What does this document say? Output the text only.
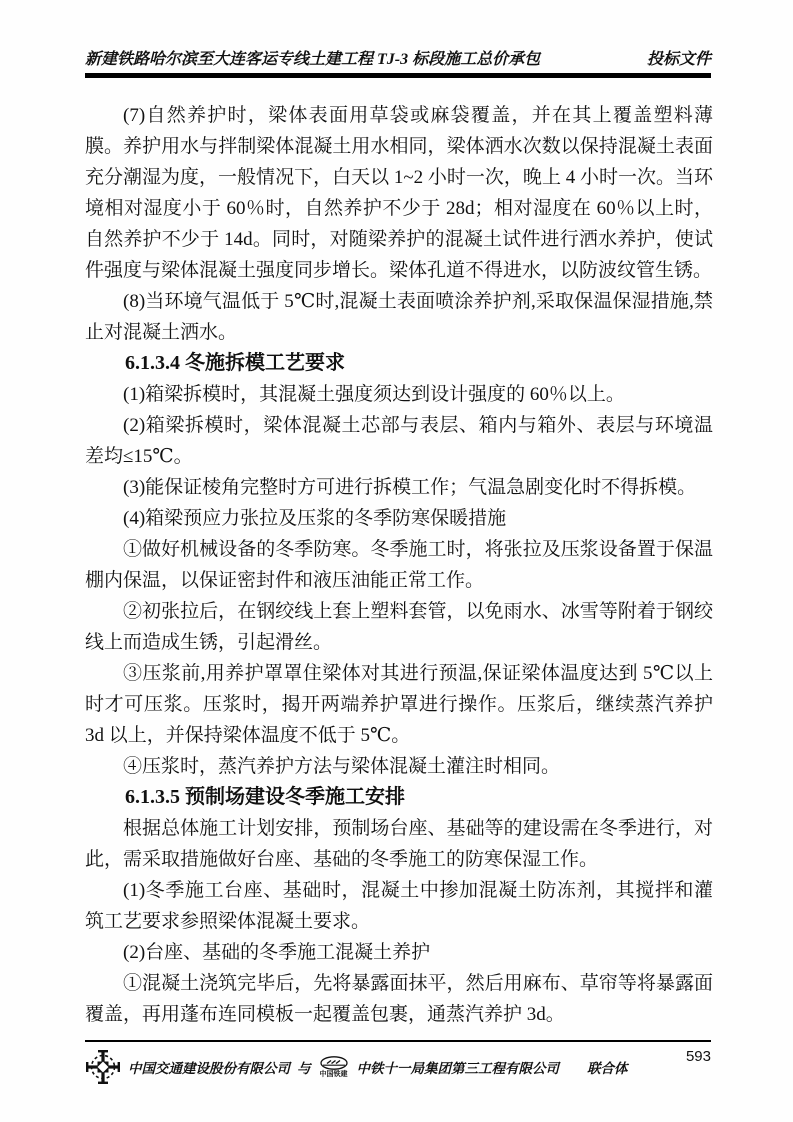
新建铁路哈尔滨至大连客运专线土建工程 TJ-3 标段施工总价承包	投标文件

(7)自然养护时，梁体表面用草袋或麻袋覆盖，并在其上覆盖塑料薄膜。养护用水与拌制梁体混凝土用水相同，梁体洒水次数以保持混凝土表面充分潮湿为度，一般情况下，白天以 1~2 小时一次，晚上 4 小时一次。当环境相对湿度小于 60％时，自然养护不少于 28d；相对湿度在 60％以上时，自然养护不少于 14d。同时，对随梁养护的混凝土试件进行洒水养护，使试件强度与梁体混凝土强度同步增长。梁体孔道不得进水，以防波纹管生锈。

(8)当环境气温低于 5℃时,混凝土表面喷涂养护剂,采取保温保湿措施,禁止对混凝土洒水。

6.1.3.4 冬施拆模工艺要求

(1)箱梁拆模时，其混凝土强度须达到设计强度的 60％以上。

(2)箱梁拆模时，梁体混凝土芯部与表层、箱内与箱外、表层与环境温差均≤15℃。

(3)能保证棱角完整时方可进行拆模工作；气温急剧变化时不得拆模。

(4)箱梁预应力张拉及压浆的冬季防寒保暖措施

①做好机械设备的冬季防寒。冬季施工时，将张拉及压浆设备置于保温棚内保温，以保证密封件和液压油能正常工作。

②初张拉后，在钢绞线上套上塑料套管，以免雨水、冰雪等附着于钢绞线上而造成生锈，引起滑丝。

③压浆前,用养护罩罩住梁体对其进行预温,保证梁体温度达到 5℃以上时才可压浆。压浆时，揭开两端养护罩进行操作。压浆后，继续蒸汽养护 3d 以上，并保持梁体温度不低于 5℃。

④压浆时，蒸汽养护方法与梁体混凝土灌注时相同。

6.1.3.5 预制场建设冬季施工安排

根据总体施工计划安排，预制场台座、基础等的建设需在冬季进行，对此，需采取措施做好台座、基础的冬季施工的防寒保湿工作。

(1)冬季施工台座、基础时，混凝土中掺加混凝土防冻剂，其搅拌和灌筑工艺要求参照梁体混凝土要求。

(2)台座、基础的冬季施工混凝土养护

①混凝土浇筑完毕后，先将暴露面抹平，然后用麻布、草帘等将暴露面覆盖，再用蓬布连同模板一起覆盖包裹，通蒸汽养护 3d。

中国交通建设股份有限公司 与 中国铁建 中铁十一局集团第三工程有限公司 联合体
593
